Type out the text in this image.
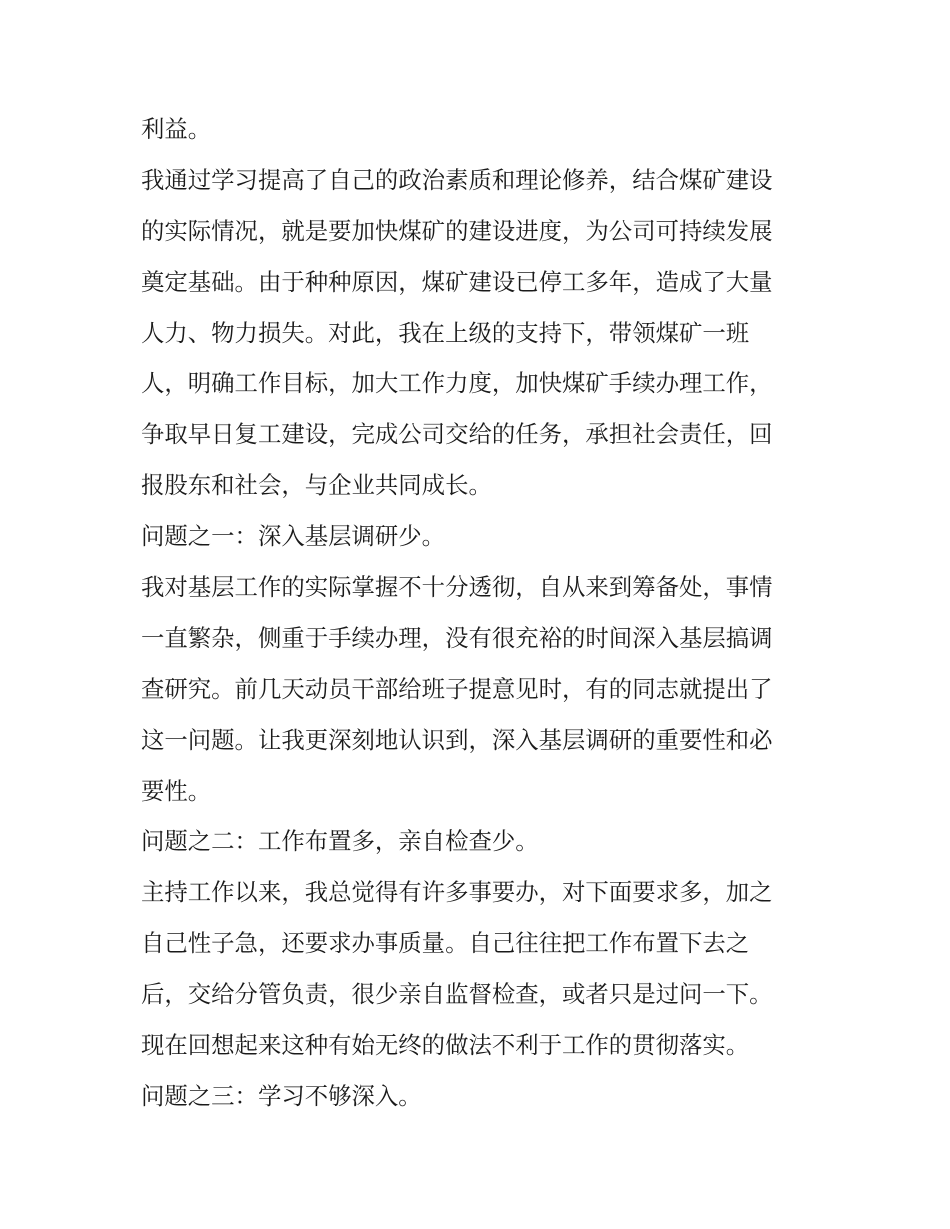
利益。
我通过学习提高了自己的政治素质和理论修养，结合煤矿建设
的实际情况，就是要加快煤矿的建设进度，为公司可持续发展
奠定基础。由于种种原因，煤矿建设已停工多年，造成了大量
人力、物力损失。对此，我在上级的支持下，带领煤矿一班
人，明确工作目标，加大工作力度，加快煤矿手续办理工作，
争取早日复工建设，完成公司交给的任务，承担社会责任，回
报股东和社会，与企业共同成长。
问题之一：深入基层调研少。
我对基层工作的实际掌握不十分透彻，自从来到筹备处，事情
一直繁杂，侧重于手续办理，没有很充裕的时间深入基层搞调
查研究。前几天动员干部给班子提意见时，有的同志就提出了
这一问题。让我更深刻地认识到，深入基层调研的重要性和必
要性。
问题之二：工作布置多，亲自检查少。
主持工作以来，我总觉得有许多事要办，对下面要求多，加之
自己性子急，还要求办事质量。自己往往把工作布置下去之
后，交给分管负责，很少亲自监督检查，或者只是过问一下。
现在回想起来这种有始无终的做法不利于工作的贯彻落实。
问题之三：学习不够深入。
